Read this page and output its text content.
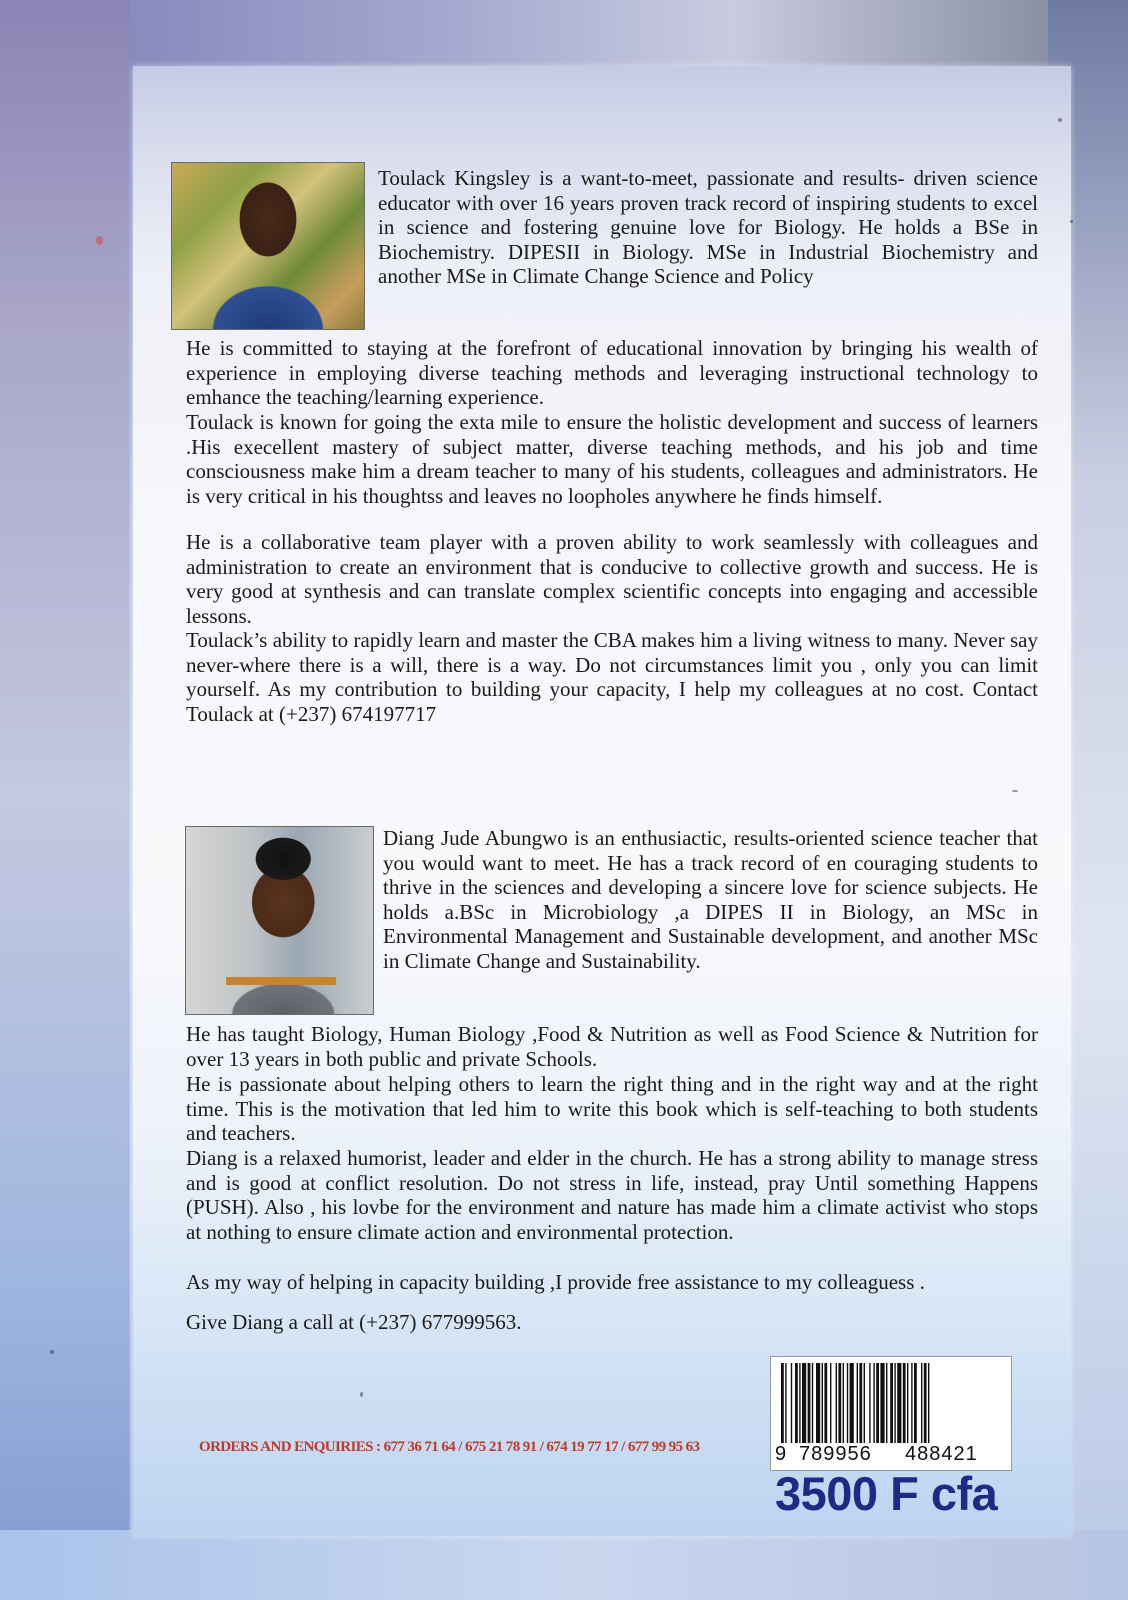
Toulack Kingsley is a want-to-meet, passionate and results- driven science educator with over 16 years proven track record of inspiring students to excel in science and fostering genuine love for Biology. He holds a BSe in Biochemistry. DIPESII in Biology. MSe in Industrial Biochemistry and another MSe in Climate Change Science and Policy

He is committed to staying at the forefront of educational innovation by bringing his wealth of experience in employing diverse teaching methods and leveraging instructional technology to emhance the teaching/learning experience.

Toulack is known for going the exta mile to ensure the holistic development and success of learners .His execellent mastery of subject matter, diverse teaching methods, and his job and time consciousness make him a dream teacher to many of his students, colleagues and administrators. He is very critical in his thoughtss and leaves no loopholes anywhere he finds himself.

He is a collaborative team player with a proven ability to work seamlessly with colleagues and administration to create an environment that is conducive to collective growth and success. He is very good at synthesis and can translate complex scientific concepts into engaging and accessible lessons.

Toulack’s ability to rapidly learn and master the CBA makes him a living witness to many. Never say never-where there is a will, there is a way. Do not circumstances limit you , only you can limit yourself. As my contribution to building your capacity, I help my colleagues at no cost. Contact Toulack at (+237) 674197717

Diang Jude Abungwo is an enthusiactic, results-oriented science teacher that you would want to meet. He has a track record of en couraging students to thrive in the sciences and developing a sincere love for science subjects. He holds a.BSc in Microbiology ,a DIPES II in Biology, an MSc in Environmental Management and Sustainable development, and another MSc in Climate Change and Sustainability.

He has taught Biology, Human Biology ,Food & Nutrition as well as Food Science & Nutrition for over 13 years in both public and private Schools.

He is passionate about helping others to learn the right thing and in the right way and at the right time. This is the motivation that led him to write this book which is self-teaching to both students and teachers.

Diang is a relaxed humorist, leader and elder in the church. He has a strong ability to manage stress and is good at conflict resolution. Do not stress in life, instead, pray Until something Happens (PUSH). Also , his lovbe for the environment and nature has made him a climate activist who stops at nothing to ensure climate action and environmental protection.

As my way of helping in capacity building ,I provide free assistance to my colleaguess .

Give Diang a call at (+237) 677999563.

ORDERS AND ENQUIRIES : 677 36 71 64 / 675 21 78 91 / 674 19 77 17 / 677 99 95 63	9 789956 488421
3500 F cfa
